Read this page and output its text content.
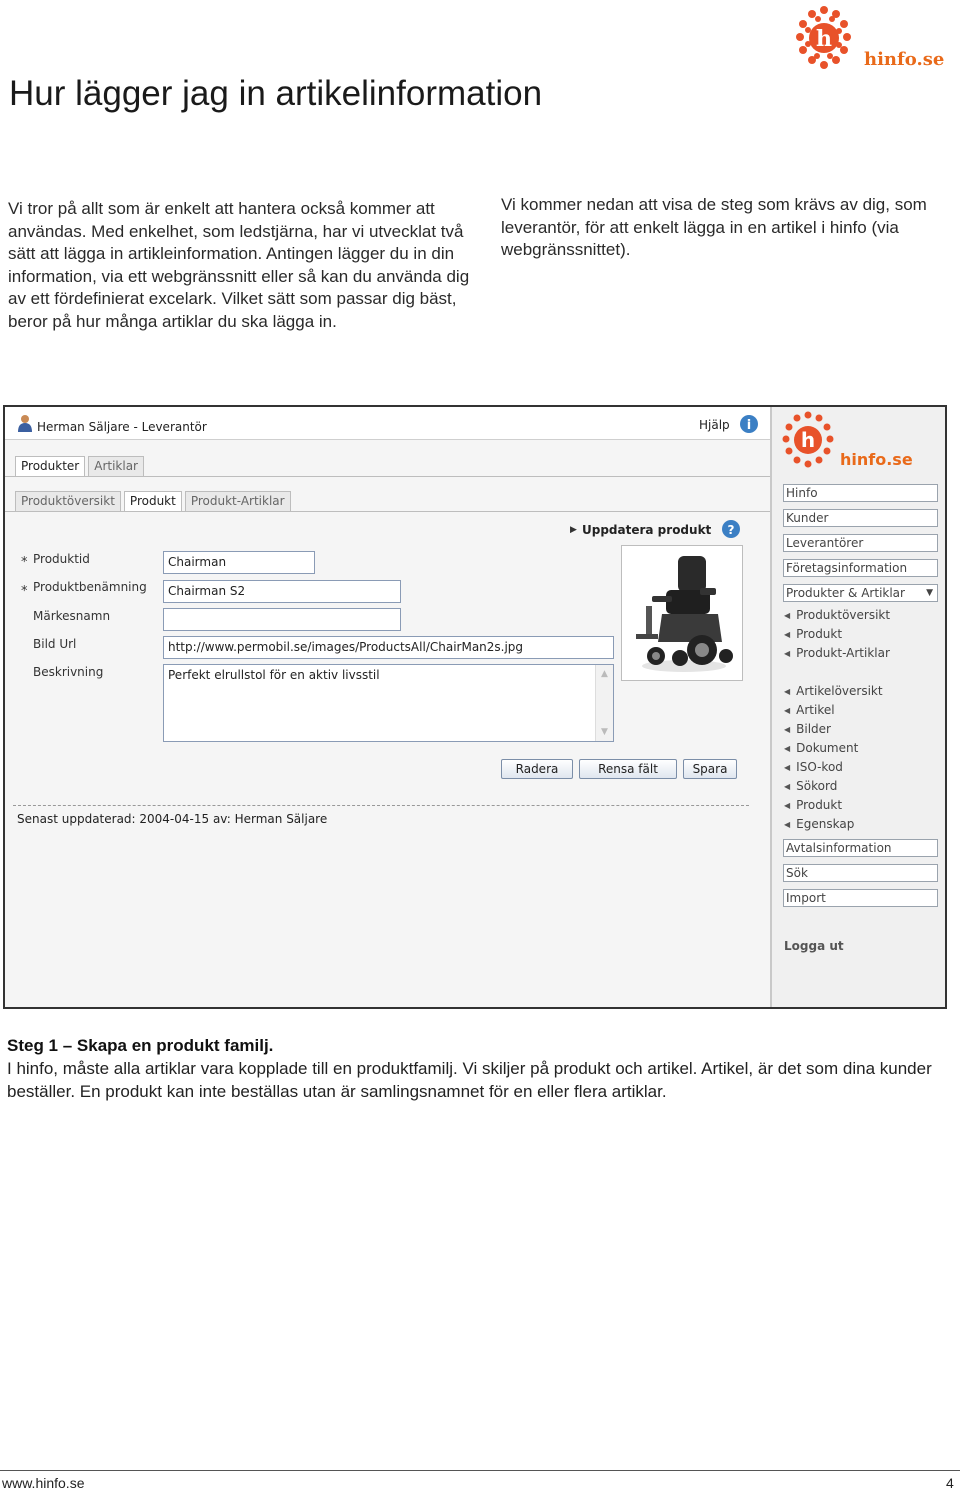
h
hinfo.se
Hur lägger jag in artikelinformation
Vi tror på allt som är enkelt att hantera också kommer att användas. Med enkelhet, som ledstjärna, har vi utvecklat två sätt att lägga in artikleinformation. Antingen lägger du in din information, via ett webgränssnitt eller så kan du använda dig av ett fördefinierat excelark. Vilket sätt som passar dig bäst, beror på hur många artiklar du ska lägga in.
Vi kommer nedan att visa de steg som krävs av dig, som leverantör, för att enkelt lägga in en artikel i hinfo (via webgränssnittet).
Herman Säljare - Leverantör	Hjälp i
Produkter	Artiklar
Produktöversikt	Produkt	Produkt-Artiklar
▶ Uppdatera produkt ?
* Produktid	Chairman
* Produktbenämning	Chairman S2
Märkesnamn
Bild Url	http://www.permobil.se/images/ProductsAll/ChairMan2s.jpg
Beskrivning	Perfekt elrullstol för en aktiv livsstil	▲
▼
Radera	Rensa fält	Spara
Senast uppdaterad: 2004-04-15 av: Herman Säljare
h
hinfo.se
Hinfo
Kunder
Leverantörer
Företagsinformation
Produkter & Artiklar ▼
◀ Produktöversikt
◀ Produkt
◀ Produkt-Artiklar
◀ Artikelöversikt
◀ Artikel
◀ Bilder
◀ Dokument
◀ ISO-kod
◀ Sökord
◀ Produkt
◀ Egenskap
Avtalsinformation
Sök
Import
Logga ut
Steg 1 – Skapa en produkt familj.
I hinfo, måste alla artiklar vara kopplade till en produktfamilj. Vi skiljer på produkt och artikel. Artikel, är det som dina kunder beställer. En produkt kan inte beställas utan är samlingsnamnet för en eller flera artiklar.
www.hinfo.se	4
